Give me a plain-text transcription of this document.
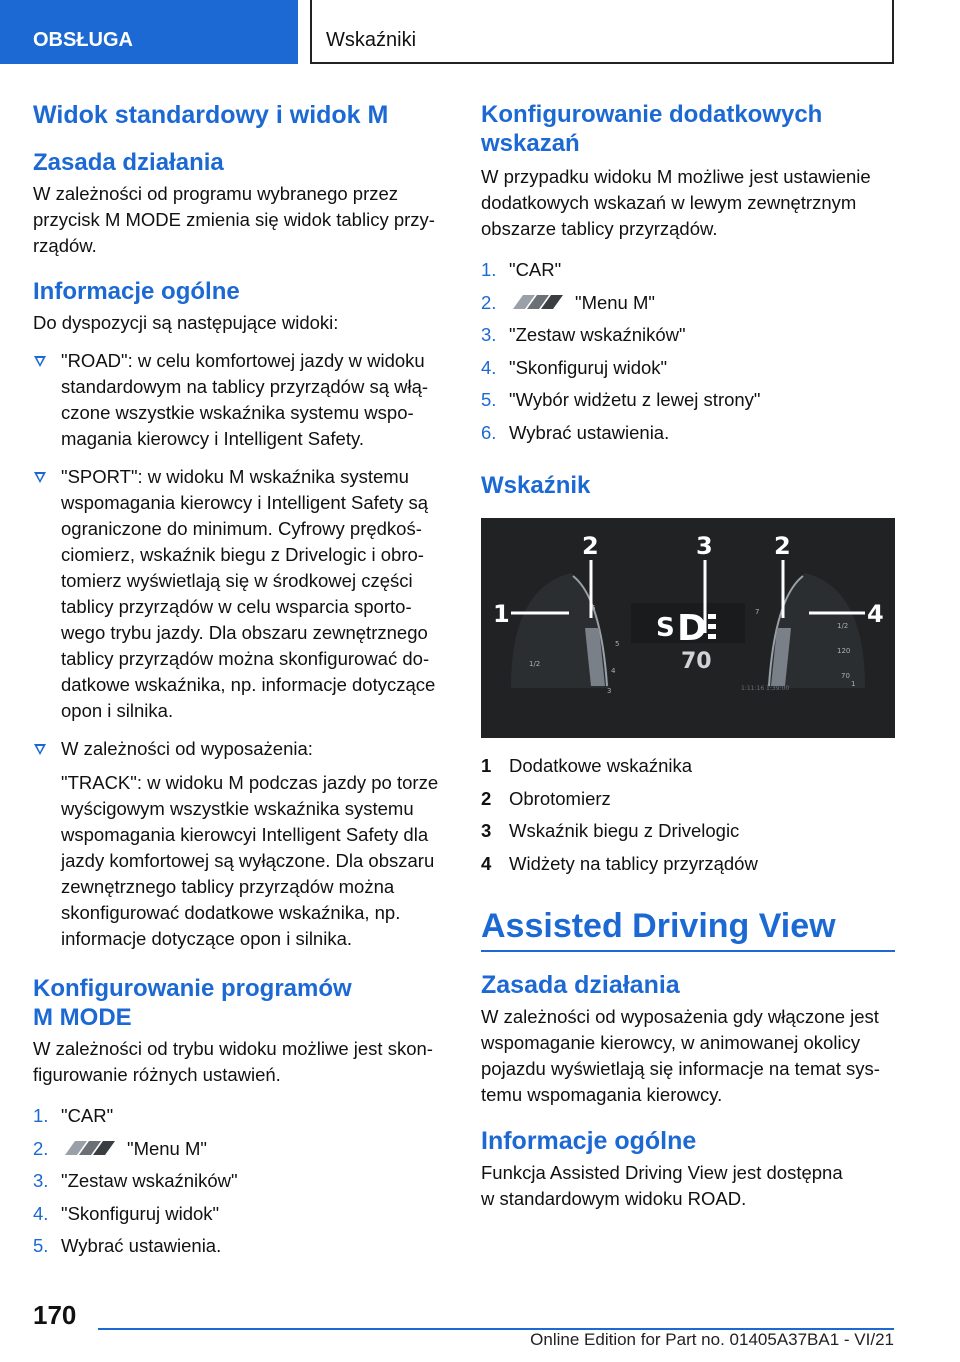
OBSŁUGA	Wskaźniki
Widok standardowy i widok M
Zasada działania

W zależności od programu wybranego przez przycisk M MODE zmienia się widok tablicy przyrządów.

Informacje ogólne

Do dyspozycji są następujące widoki:

"ROAD": w celu komfortowej jazdy w widoku standardowym na tablicy przyrządów są włączone wszystkie wskaźnika systemu wspomagania kierowcy i Intelligent Safety.
"SPORT": w widoku M wskaźnika systemu wspomagania kierowcy i Intelligent Safety są ograniczone do minimum. Cyfrowy prędkościomierz, wskaźnik biegu z Drivelogic i obrotomierz wyświetlają się w środkowej części tablicy przyrządów w celu wsparcia sportowego trybu jazdy. Dla obszaru zewnętrznego tablicy przyrządów można skonfigurować dodatkowe wskaźnika, np. informacje dotyczące opon i silnika.
W zależności od wyposażenia:
"TRACK": w widoku M podczas jazdy po torze wyścigowym wszystkie wskaźnika systemu wspomagania kierowcyi Intelligent Safety dla jazdy komfortowej są wyłączone. Dla obszaru zewnętrznego tablicy przyrządów można skonfigurować dodatkowe wskaźnika, np. informacje dotyczące opon i silnika.
Konfigurowanie programów
M MODE

W zależności od trybu widoku możliwe jest skonfigurowanie różnych ustawień.

1. "CAR"
2.	"Menu M"
3. "Zestaw wskaźników"
4. "Skonfiguruj widok"
5. Wybrać ustawienia.
Konfigurowanie dodatkowych
wskazań

W przypadku widoku M możliwe jest ustawienie dodatkowych wskazań w lewym zewnętrznym obszarze tablicy przyrządów.

1. "CAR"
2.	"Menu M"
3. "Zestaw wskaźników"
4. "Skonfiguruj widok"
5. "Wybór widżetu z lewej strony"
6. Wybrać ustawienia.
Wskaźnik
S D
70
1/2
6
5
4
3
1/2
120
70
7
1
1:11:16 1:39:00
1
2	3	2
4
1 Dodatkowe wskaźnika
2 Obrotomierz
3 Wskaźnik biegu z Drivelogic
4 Widżety na tablicy przyrządów
Assisted Driving View
Zasada działania

W zależności od wyposażenia gdy włączone jest wspomaganie kierowcy, w animowanej okolicy pojazdu wyświetlają się informacje na temat systemu wspomagania kierowcy.

Informacje ogólne

Funkcja Assisted Driving View jest dostępna
w standardowym widoku ROAD.

170
Online Edition for Part no. 01405A37BA1 - VI/21
